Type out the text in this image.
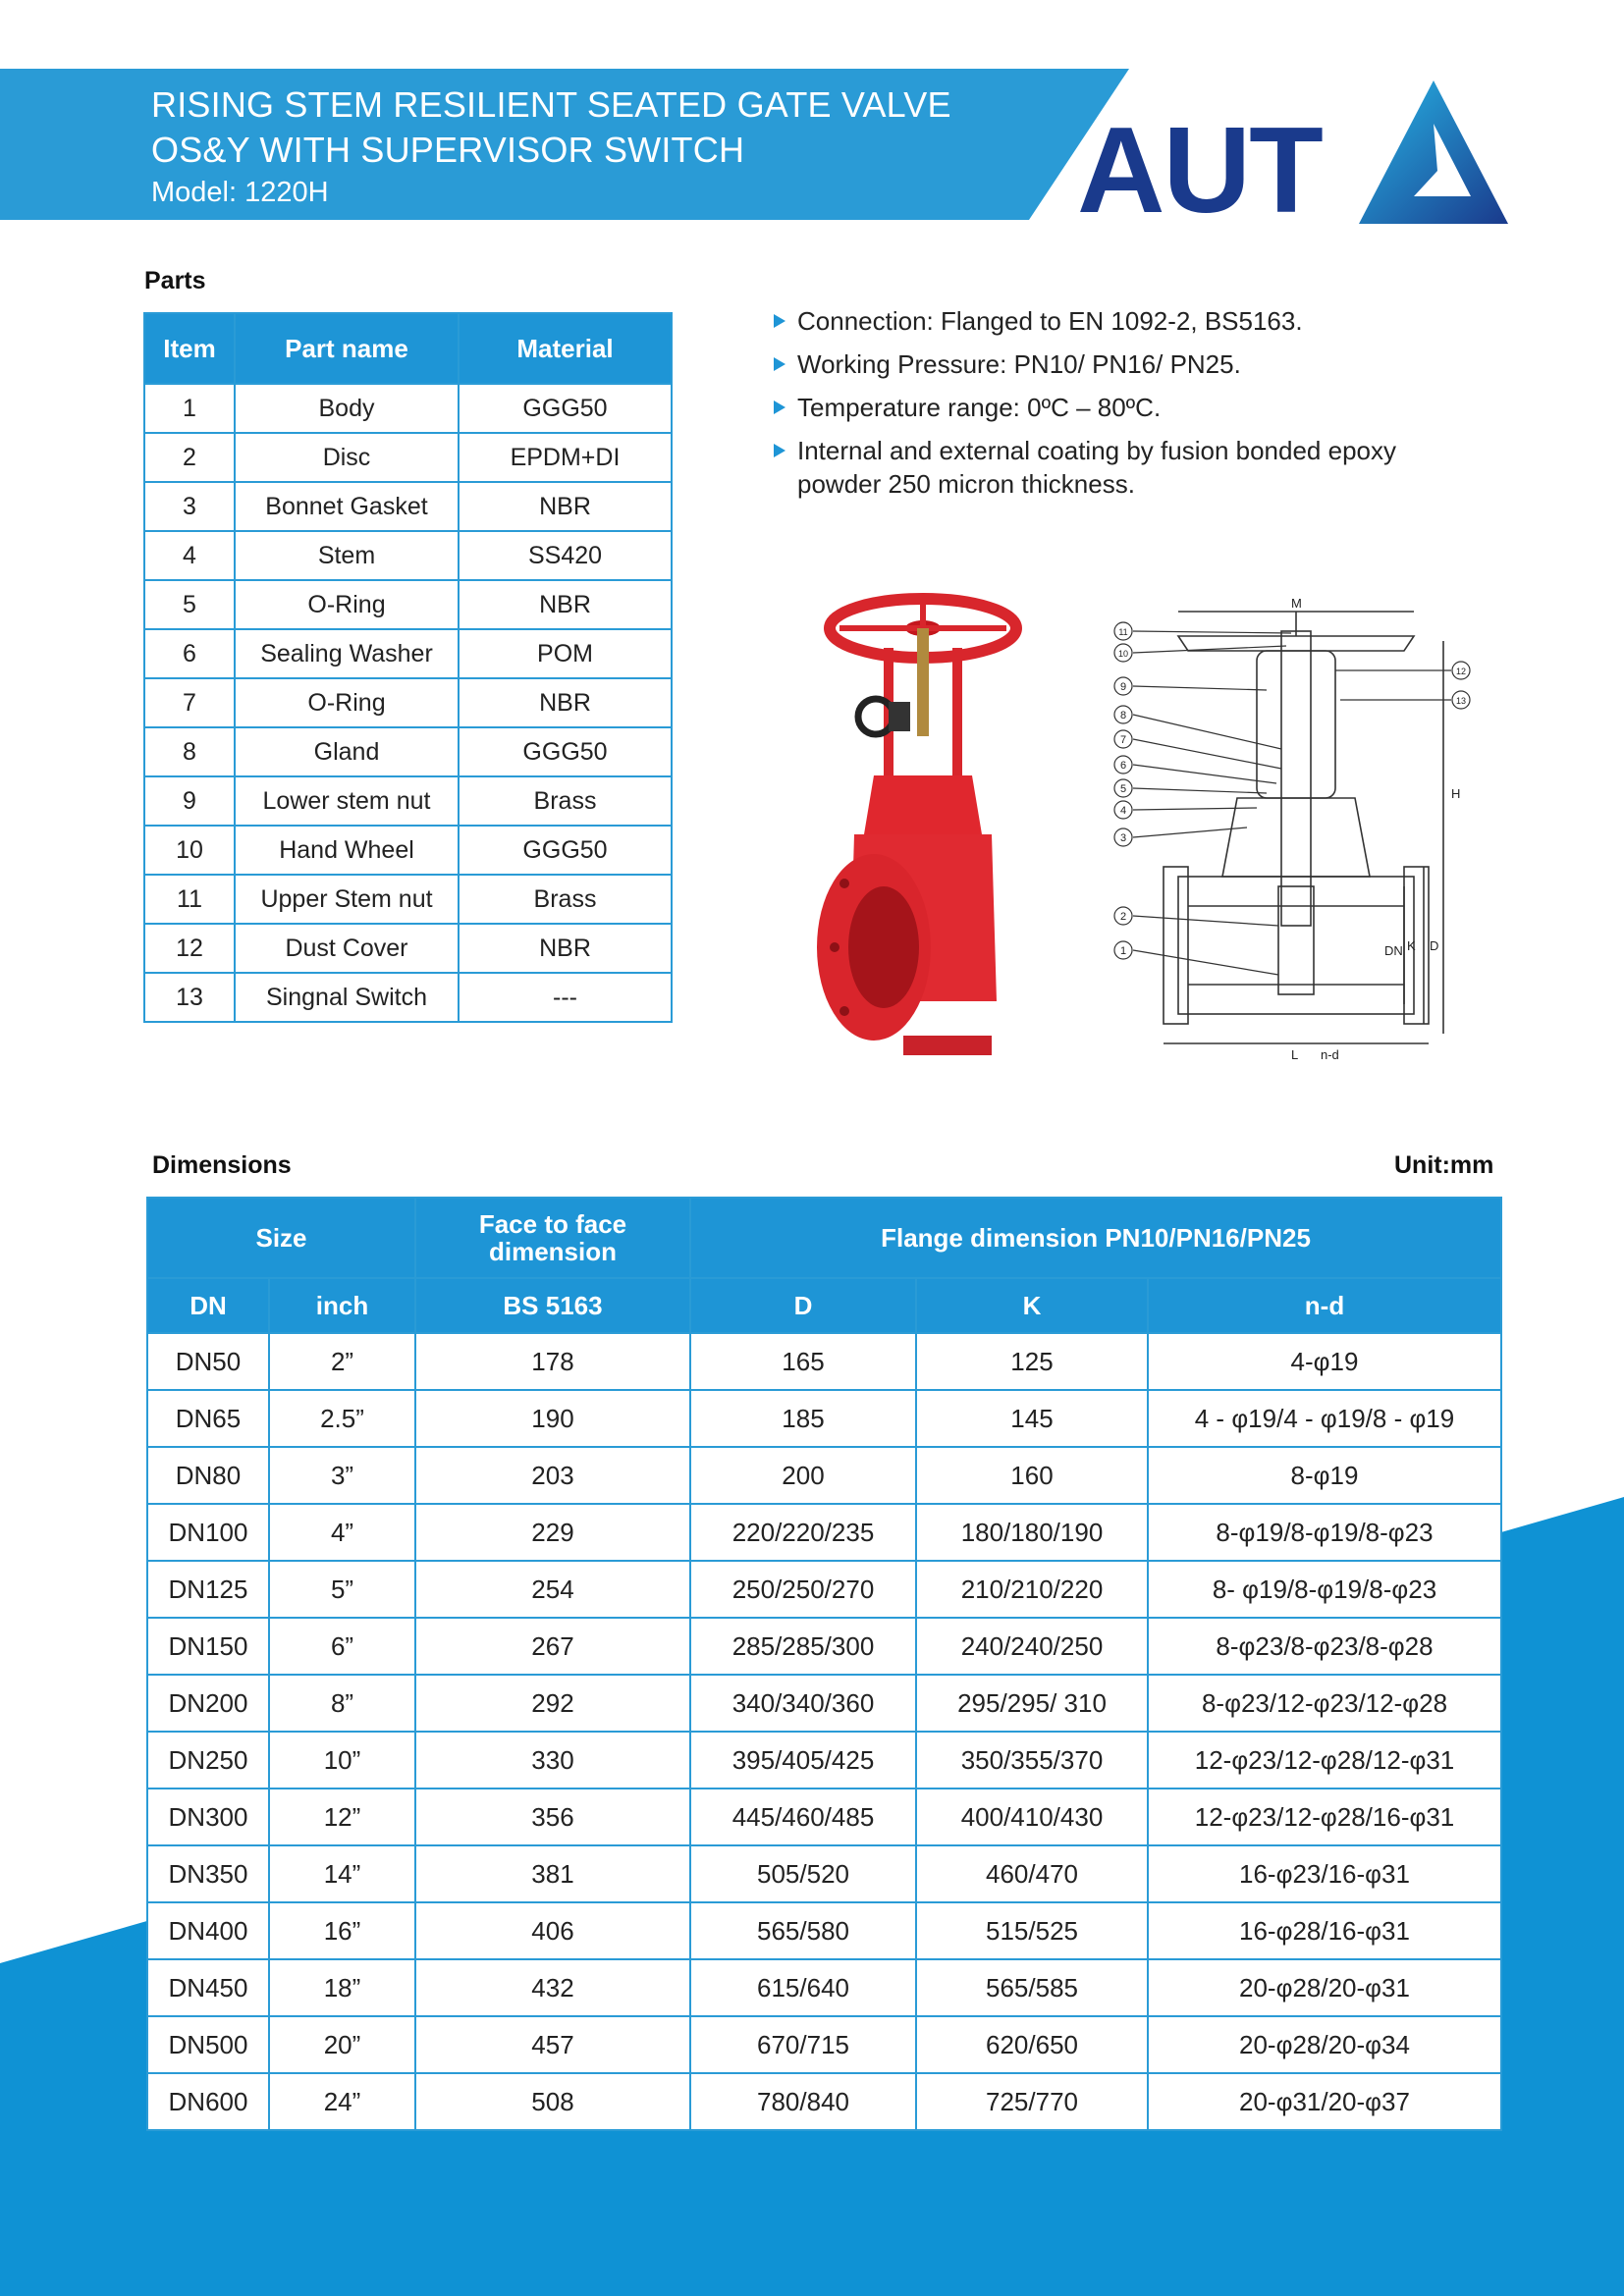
RISING STEM RESILIENT SEATED GATE VALVE
OS&Y WITH SUPERVISOR SWITCH
Model: 1220H	AUT
Parts
Item	Part name	Material
1	Body	GGG50
2	Disc	EPDM+DI
3	Bonnet Gasket	NBR
4	Stem	SS420
5	O-Ring	NBR
6	Sealing Washer	POM
7	O-Ring	NBR
8	Gland	GGG50
9	Lower stem nut	Brass
10	Hand Wheel	GGG50
11	Upper Stem nut	Brass
12	Dust Cover	NBR
13	Singnal Switch	---
Connection: Flanged to EN 1092-2, BS5163.
Working Pressure: PN10/ PN16/ PN25.
Temperature range: 0ºC – 80ºC.
Internal and external coating by fusion bonded epoxy powder 250 micron thickness.
M
H
DN K D
L n-d
1
2
3
4
5
6
7
8
9
10
11
12
13
Dimensions	Unit:mm
Size		Face to face dimension	Flange dimension PN10/PN16/PN25		
DN	inch	BS 5163	D	K	n-d
DN50	2”	178	165	125	4-φ19
DN65	2.5”	190	185	145	4 - φ19/4 - φ19/8 - φ19
DN80	3”	203	200	160	8-φ19
DN100	4”	229	220/220/235	180/180/190	8-φ19/8-φ19/8-φ23
DN125	5”	254	250/250/270	210/210/220	8- φ19/8-φ19/8-φ23
DN150	6”	267	285/285/300	240/240/250	8-φ23/8-φ23/8-φ28
DN200	8”	292	340/340/360	295/295/ 310	8-φ23/12-φ23/12-φ28
DN250	10”	330	395/405/425	350/355/370	12-φ23/12-φ28/12-φ31
DN300	12”	356	445/460/485	400/410/430	12-φ23/12-φ28/16-φ31
DN350	14”	381	505/520	460/470	16-φ23/16-φ31
DN400	16”	406	565/580	515/525	16-φ28/16-φ31
DN450	18”	432	615/640	565/585	20-φ28/20-φ31
DN500	20”	457	670/715	620/650	20-φ28/20-φ34
DN600	24”	508	780/840	725/770	20-φ31/20-φ37
